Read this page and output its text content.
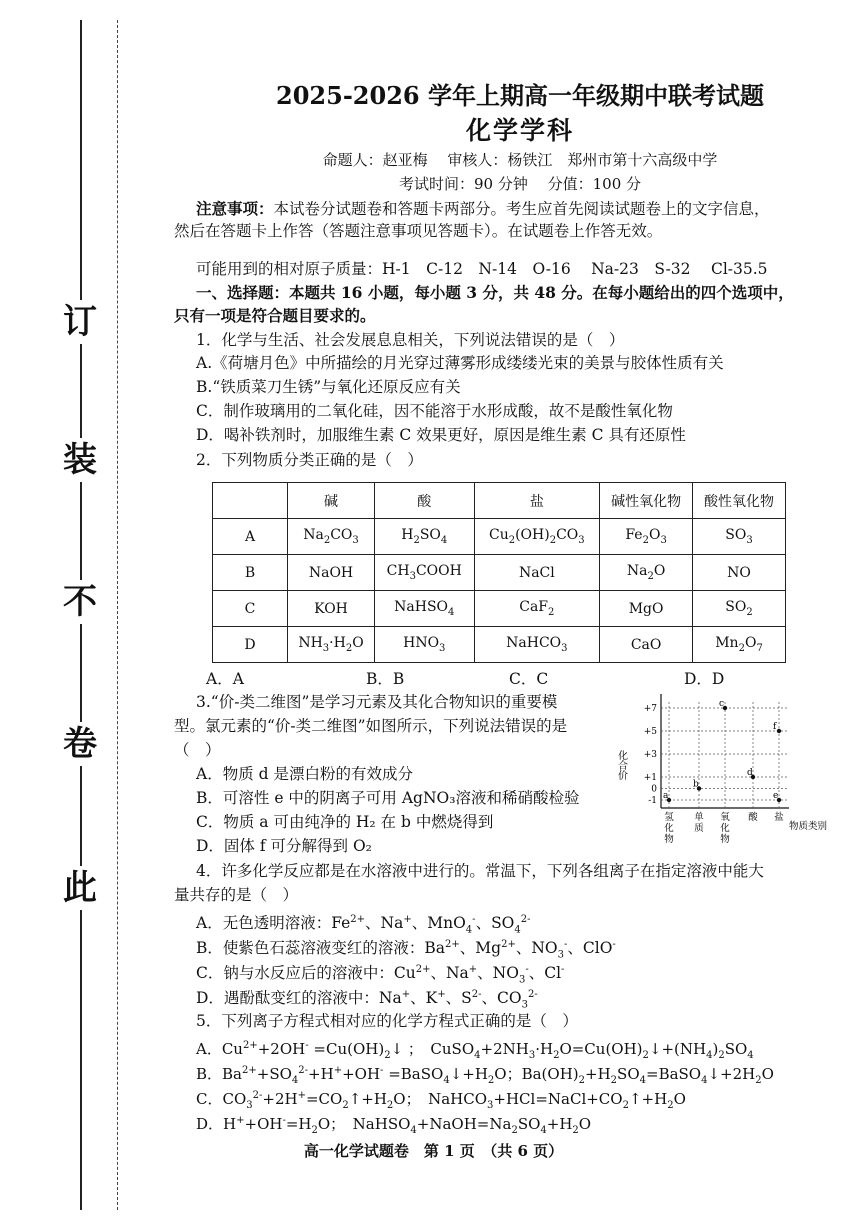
此
卷
不
装
订
2025-2026 学年上期高一年级期中联考试题
化学学科
命题人：赵亚梅　 审核人：杨铁江　郑州市第十六高级中学
考试时间：90 分钟　 分值：100 分
注意事项：本试卷分试题卷和答题卡两部分。考生应首先阅读试题卷上的文字信息，
然后在答题卡上作答（答题注意事项见答题卡）。在试题卷上作答无效。
可能用到的相对原子质量：H-1　C-12　N-14　O-16　 Na-23　S-32　 Cl-35.5
一、选择题：本题共 16 小题，每小题 3 分，共 48 分。在每小题给出的四个选项中，
只有一项是符合题目要求的。
1．化学与生活、社会发展息息相关，下列说法错误的是（　）
A.《荷塘月色》中所描绘的月光穿过薄雾形成缕缕光束的美景与胶体性质有关
B.“铁质菜刀生锈”与氧化还原反应有关
C．制作玻璃用的二氧化硅，因不能溶于水形成酸，故不是酸性氧化物
D．喝补铁剂时，加服维生素 C 效果更好，原因是维生素 C 具有还原性
2．下列物质分类正确的是（　）
	碱	酸	盐	碱性氧化物	酸性氧化物
A	$Na_2CO_3$	$H_2SO_4$	$Cu_2(OH)_2CO_3$	$Fe_2O_3$	$SO_3$
B	NaOH	$CH_3COOH$	NaCl	$Na_2O$	NO
C	KOH	NaHSO$_4$	CaF$_2$	MgO	$SO_2$
D	$NH_3\cdot H_2O$	$HNO_3$	NaHCO$_3$	CaO	$Mn_2O_7$
A．A	B．B	C．C	D．D
3.“价-类二维图”是学习元素及其化合物知识的重要模
型。氯元素的“价-类二维图”如图所示，下列说法错误的是
（　）
A．物质 d 是漂白粉的有效成分
B．可溶性 e 中的阴离子可用 AgNO₃溶液和稀硝酸检验
C．物质 a 可由纯净的 H₂ 在 b 中燃烧得到
D．固体 f 可分解得到 O₂
4．许多化学反应都是在水溶液中进行的。常温下，下列各组离子在指定溶液中能大
量共存的是（　）
A．无色透明溶液：$Fe^{2+}$、Na+、MnO$_4$-、$SO_4^{2-}$
B．使紫色石蕊溶液变红的溶液：$Ba^{2+}$、$Mg^{2+}$、$NO_3^-$、ClO-
C．钠与水反应后的溶液中：$Cu^{2+}$、Na+、$NO_3^-$、Cl-
D．遇酚酞变红的溶液中：Na+、K+、$S^{2-}$、$CO_3^{2-}$
5．下列离子方程式相对应的化学方程式正确的是（　）
A．$Cu^{2+}+2OH^-$ $=Cu(OH)_2↓$ ；　$CuSO_4+2NH_3\cdot H_2O=Cu(OH)_2↓+(NH_4)_2SO_4$
B．$Ba^{2+}+SO_4^{2-}+H^++OH^-$ $=BaSO_4↓+H_2O$；$Ba(OH)_2+H_2SO_4=BaSO_4↓+2H_2O$
C．$CO_3^{2-}+2H^+=CO_2↑+H_2O$；　$NaHCO_3+HCl=NaCl+CO_2↑+H_2O$
D．$H^++OH^-=H_2O$；　$NaHSO_4+NaOH=Na_2SO_4+H_2O$
化合价
+7
+5
+3
+1
0
-1
氢
化
物
单
质
氧
化
物
酸 盐
a
b
c
d
e
f
物质类别
高一化学试题卷　第 1 页　（共 6 页）
